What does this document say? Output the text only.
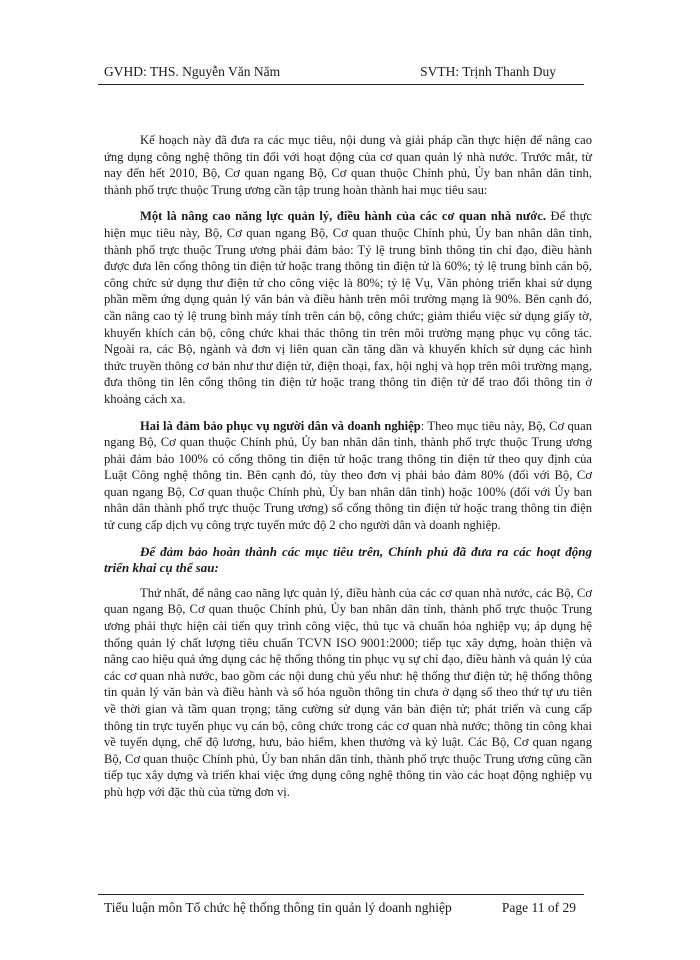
GVHD: THS. Nguyễn Văn Năm	SVTH: Trịnh Thanh Duy

Kế hoạch này đã đưa ra các mục tiêu, nội dung và giải pháp cần thực hiện để nâng cao ứng dụng công nghệ thông tin đối với hoạt động của cơ quan quản lý nhà nước. Trước mắt, từ nay đến hết 2010, Bộ, Cơ quan ngang Bộ, Cơ quan thuộc Chính phủ, Ủy ban nhân dân tỉnh, thành phố trực thuộc Trung ương cần tập trung hoàn thành hai mục tiêu sau:

Một là nâng cao năng lực quản lý, điều hành của các cơ quan nhà nước. Để thực hiện mục tiêu này, Bộ, Cơ quan ngang Bộ, Cơ quan thuộc Chính phủ, Ủy ban nhân dân tỉnh, thành phố trực thuộc Trung ương phải đảm bảo: Tỷ lệ trung bình thông tin chỉ đạo, điều hành được đưa lên cổng thông tin điện tử hoặc trang thông tin điện tử là 60%; tỷ lệ trung bình cán bộ, công chức sử dụng thư điện tử cho công việc là 80%; tỷ lệ Vụ, Văn phòng triển khai sử dụng phần mềm ứng dụng quản lý văn bản và điều hành trên môi trường mạng là 90%. Bên cạnh đó, cần nâng cao tỷ lệ trung bình máy tính trên cán bộ, công chức; giảm thiểu việc sử dụng giấy tờ, khuyến khích cán bộ, công chức khai thác thông tin trên môi trường mạng phục vụ công tác. Ngoài ra, các Bộ, ngành và đơn vị liên quan cần tăng dần và khuyến khích sử dụng các hình thức truyền thông cơ bản như thư điện tử, điện thoại, fax, hội nghị và họp trên môi trường mạng, đưa thông tin lên cổng thông tin điện tử hoặc trang thông tin điện tử để trao đổi thông tin ở khoảng cách xa.

Hai là đảm bảo phục vụ người dân và doanh nghiệp: Theo mục tiêu này, Bộ, Cơ quan ngang Bộ, Cơ quan thuộc Chính phủ, Ủy ban nhân dân tỉnh, thành phố trực thuộc Trung ương phải đảm bảo 100% có cổng thông tin điện tử hoặc trang thông tin điện tử theo quy định của Luật Công nghệ thông tin. Bên cạnh đó, tùy theo đơn vị phải bảo đảm 80% (đối với Bộ, Cơ quan ngang Bộ, Cơ quan thuộc Chính phủ, Ủy ban nhân dân tỉnh) hoặc 100% (đối với Ủy ban nhân dân thành phố trực thuộc Trung ương) số cổng thông tin điện tử hoặc trang thông tin điện tử cung cấp dịch vụ công trực tuyến mức độ 2 cho người dân và doanh nghiệp.

Để đảm bảo hoàn thành các mục tiêu trên, Chính phủ đã đưa ra các hoạt động triển khai cụ thể sau:

Thứ nhất, để nâng cao năng lực quản lý, điều hành của các cơ quan nhà nước, các Bộ, Cơ quan ngang Bộ, Cơ quan thuộc Chính phủ, Ủy ban nhân dân tỉnh, thành phố trực thuộc Trung ương phải thực hiện cải tiến quy trình công việc, thủ tục và chuẩn hóa nghiệp vụ; áp dụng hệ thống quản lý chất lượng tiêu chuẩn TCVN ISO 9001:2000; tiếp tục xây dựng, hoàn thiện và nâng cao hiệu quả ứng dụng các hệ thống thông tin phục vụ sự chỉ đạo, điều hành và quản lý của các cơ quan nhà nước, bao gồm các nội dung chủ yếu như: hệ thống thư điện tử; hệ thống thông tin quản lý văn bản và điều hành và số hóa nguồn thông tin chưa ở dạng số theo thứ tự ưu tiên về thời gian và tầm quan trọng; tăng cường sử dụng văn bản điện tử; phát triển và cung cấp thông tin trực tuyến phục vụ cán bộ, công chức trong các cơ quan nhà nước; thông tin công khai về tuyển dụng, chế độ lương, hưu, bảo hiểm, khen thưởng và kỷ luật. Các Bộ, Cơ quan ngang Bộ, Cơ quan thuộc Chính phủ, Ủy ban nhân dân tỉnh, thành phố trực thuộc Trung ương cũng cần tiếp tục xây dựng và triển khai việc ứng dụng công nghệ thông tin vào các hoạt động nghiệp vụ phù hợp với đặc thù của từng đơn vị.

Tiểu luận môn Tổ chức hệ thống thông tin quản lý doanh nghiệp	Page 11 of 29
